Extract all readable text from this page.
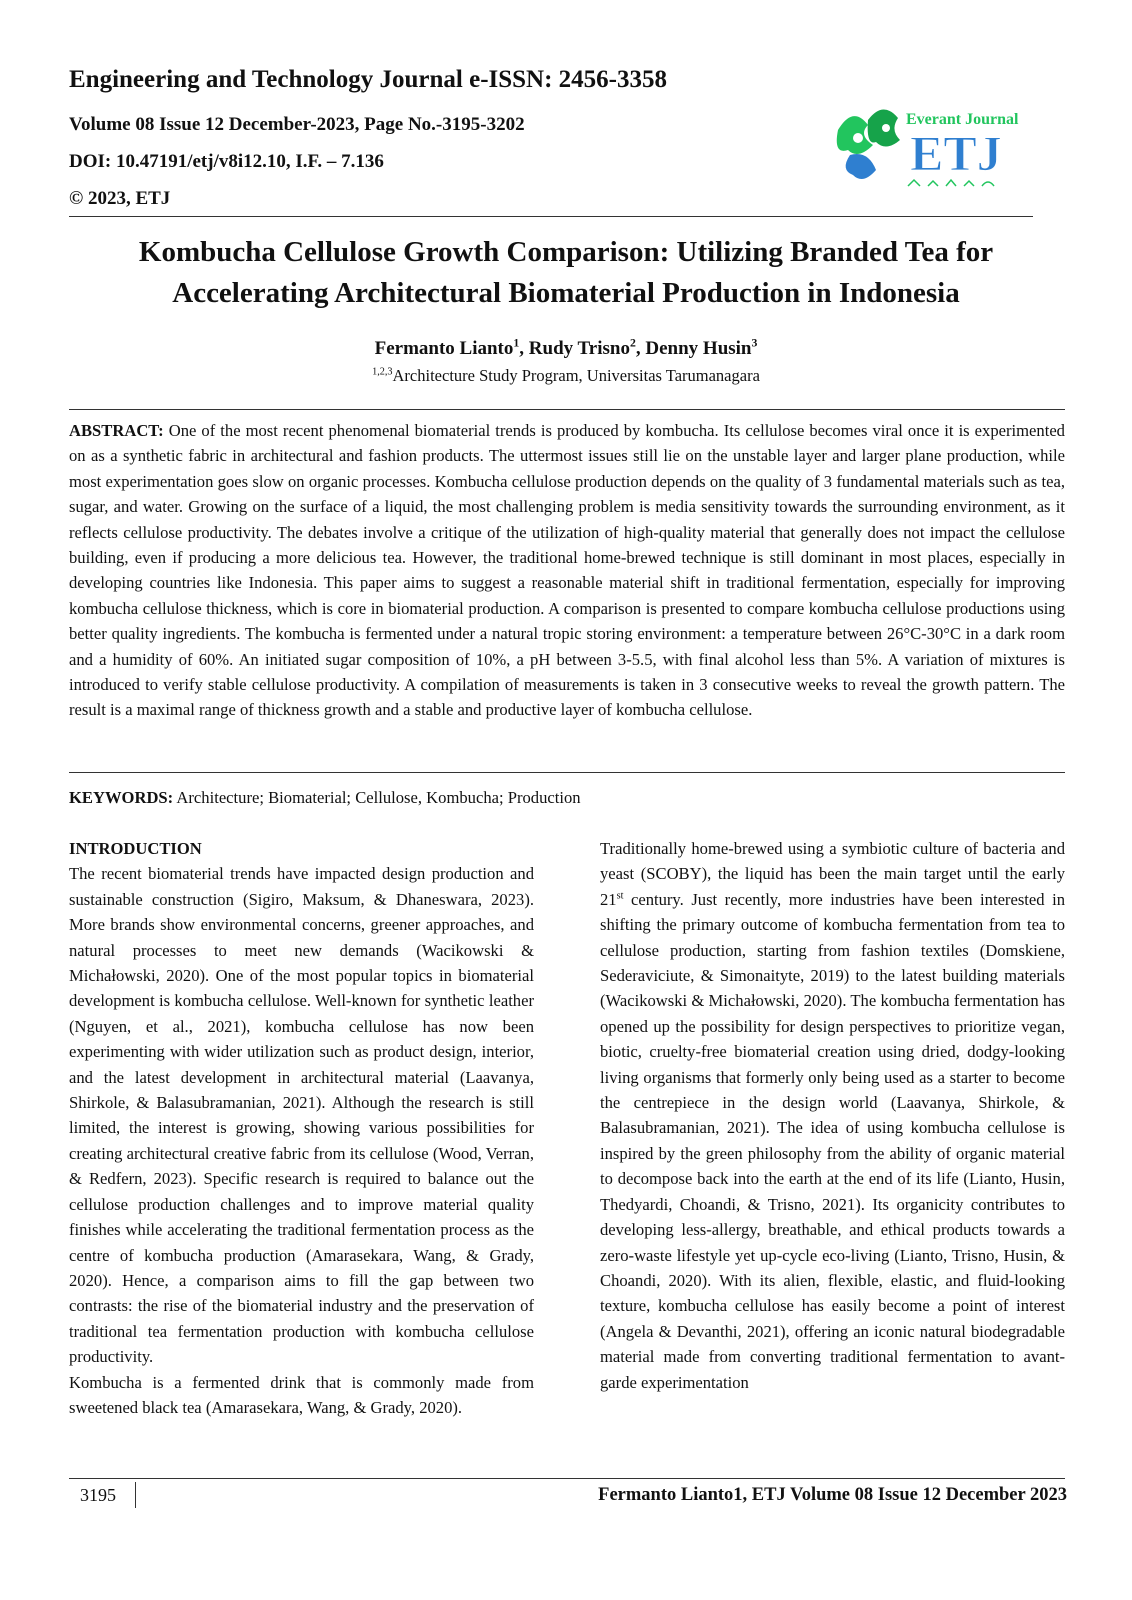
Engineering and Technology Journal e-ISSN: 2456-3358
Volume 08 Issue 12 December-2023, Page No.-3195-3202
DOI: 10.47191/etj/v8i12.10, I.F. – 7.136
© 2023, ETJ
Everant Journal
ETJ
Kombucha Cellulose Growth Comparison: Utilizing Branded Tea for
Accelerating Architectural Biomaterial Production in Indonesia
Fermanto Lianto$^1$, Rudy Trisno$^2$, Denny Husin$^3$
$^{1,2,3}$Architecture Study Program, Universitas Tarumanagara
ABSTRACT: One of the most recent phenomenal biomaterial trends is produced by kombucha. Its cellulose becomes viral once it is experimented on as a synthetic fabric in architectural and fashion products. The uttermost issues still lie on the unstable layer and larger plane production, while most experimentation goes slow on organic processes. Kombucha cellulose production depends on the quality of 3 fundamental materials such as tea, sugar, and water. Growing on the surface of a liquid, the most challenging problem is media sensitivity towards the surrounding environment, as it reflects cellulose productivity. The debates involve a critique of the utilization of high-quality material that generally does not impact the cellulose building, even if producing a more delicious tea. However, the traditional home-brewed technique is still dominant in most places, especially in developing countries like Indonesia. This paper aims to suggest a reasonable material shift in traditional fermentation, especially for improving kombucha cellulose thickness, which is core in biomaterial production. A comparison is presented to compare kombucha cellulose productions using better quality ingredients. The kombucha is fermented under a natural tropic storing environment: a temperature between 26°C-30°C in a dark room and a humidity of 60%. An initiated sugar composition of 10%, a pH between 3-5.5, with final alcohol less than 5%. A variation of mixtures is introduced to verify stable cellulose productivity. A compilation of measurements is taken in 3 consecutive weeks to reveal the growth pattern. The result is a maximal range of thickness growth and a stable and productive layer of kombucha cellulose.
KEYWORDS: Architecture; Biomaterial; Cellulose, Kombucha; Production

INTRODUCTION

The recent biomaterial trends have impacted design production and sustainable construction (Sigiro, Maksum, & Dhaneswara, 2023). More brands show environmental concerns, greener approaches, and natural processes to meet new demands (Wacikowski & Michałowski, 2020). One of the most popular topics in biomaterial development is kombucha cellulose. Well-known for synthetic leather (Nguyen, et al., 2021), kombucha cellulose has now been experimenting with wider utilization such as product design, interior, and the latest development in architectural material (Laavanya, Shirkole, & Balasubramanian, 2021). Although the research is still limited, the interest is growing, showing various possibilities for creating architectural creative fabric from its cellulose (Wood, Verran, & Redfern, 2023). Specific research is required to balance out the cellulose production challenges and to improve material quality finishes while accelerating the traditional fermentation process as the centre of kombucha production (Amarasekara, Wang, & Grady, 2020). Hence, a comparison aims to fill the gap between two contrasts: the rise of the biomaterial industry and the preservation of traditional tea fermentation production with kombucha cellulose productivity.

Kombucha is a fermented drink that is commonly made from sweetened black tea (Amarasekara, Wang, & Grady, 2020).

Traditionally home-brewed using a symbiotic culture of bacteria and yeast (SCOBY), the liquid has been the main target until the early 21st century. Just recently, more industries have been interested in shifting the primary outcome of kombucha fermentation from tea to cellulose production, starting from fashion textiles (Domskiene, Sederaviciute, & Simonaityte, 2019) to the latest building materials (Wacikowski & Michałowski, 2020). The kombucha fermentation has opened up the possibility for design perspectives to prioritize vegan, biotic, cruelty-free biomaterial creation using dried, dodgy-looking living organisms that formerly only being used as a starter to become the centrepiece in the design world (Laavanya, Shirkole, & Balasubramanian, 2021). The idea of using kombucha cellulose is inspired by the green philosophy from the ability of organic material to decompose back into the earth at the end of its life (Lianto, Husin, Thedyardi, Choandi, & Trisno, 2021). Its organicity contributes to developing less-allergy, breathable, and ethical products towards a zero-waste lifestyle yet up-cycle eco-living (Lianto, Trisno, Husin, & Choandi, 2020). With its alien, flexible, elastic, and fluid-looking texture, kombucha cellulose has easily become a point of interest (Angela & Devanthi, 2021), offering an iconic natural biodegradable material made from converting traditional fermentation to avant-garde experimentation

3195	Fermanto Lianto1, ETJ Volume 08 Issue 12 December 2023
